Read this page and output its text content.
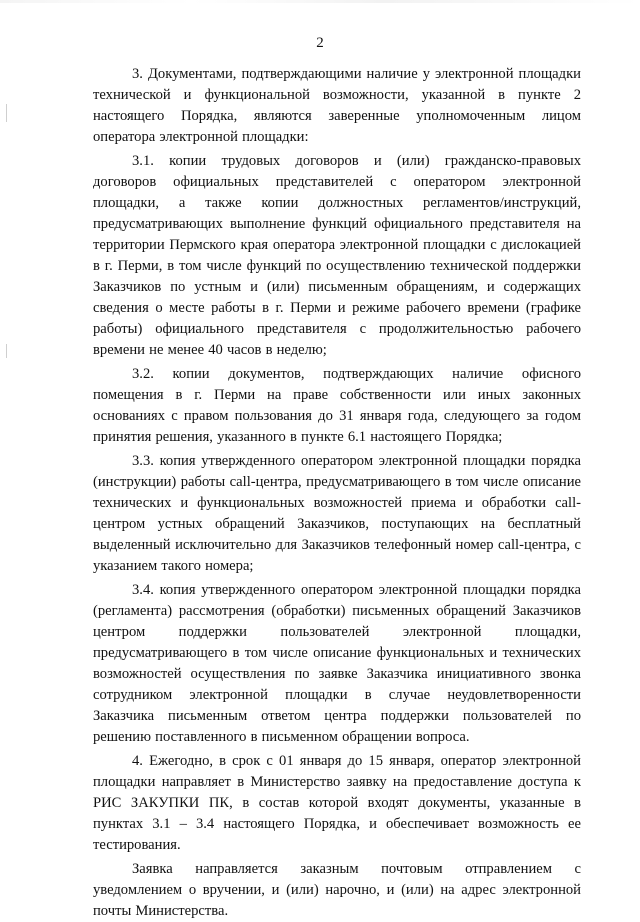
2

3. Документами, подтверждающими наличие у электронной площадки технической и функциональной возможности, указанной в пункте 2 настоящего Порядка, являются заверенные уполномоченным лицом оператора электронной площадки:

3.1. копии трудовых договоров и (или) гражданско-правовых договоров официальных представителей с оператором электронной площадки, а также копии должностных регламентов/инструкций, предусматривающих выполнение функций официального представителя на территории Пермского края оператора электронной площадки с дислокацией в г. Перми, в том числе функций по осуществлению технической поддержки Заказчиков по устным и (или) письменным обращениям, и содержащих сведения о месте работы в г. Перми и режиме рабочего времени (графике работы) официального представителя с продолжительностью рабочего времени не менее 40 часов в неделю;

3.2. копии документов, подтверждающих наличие офисного помещения в г. Перми на праве собственности или иных законных основаниях с правом пользования до 31 января года, следующего за годом принятия решения, указанного в пункте 6.1 настоящего Порядка;

3.3. копия утвержденного оператором электронной площадки порядка (инструкции) работы call-центра, предусматривающего в том числе описание технических и функциональных возможностей приема и обработки call-центром устных обращений Заказчиков, поступающих на бесплатный выделенный исключительно для Заказчиков телефонный номер call-центра, с указанием такого номера;

3.4. копия утвержденного оператором электронной площадки порядка (регламента) рассмотрения (обработки) письменных обращений Заказчиков центром поддержки пользователей электронной площадки, предусматривающего в том числе описание функциональных и технических возможностей осуществления по заявке Заказчика инициативного звонка сотрудником электронной площадки в случае неудовлетворенности Заказчика письменным ответом центра поддержки пользователей по решению поставленного в письменном обращении вопроса.

4. Ежегодно, в срок с 01 января до 15 января, оператор электронной площадки направляет в Министерство заявку на предоставление доступа к РИС ЗАКУПКИ ПК, в состав которой входят документы, указанные в пунктах 3.1 – 3.4 настоящего Порядка, и обеспечивает возможность ее тестирования.

Заявка направляется заказным почтовым отправлением с уведомлением о вручении, и (или) нарочно, и (или) на адрес электронной почты Министерства.
